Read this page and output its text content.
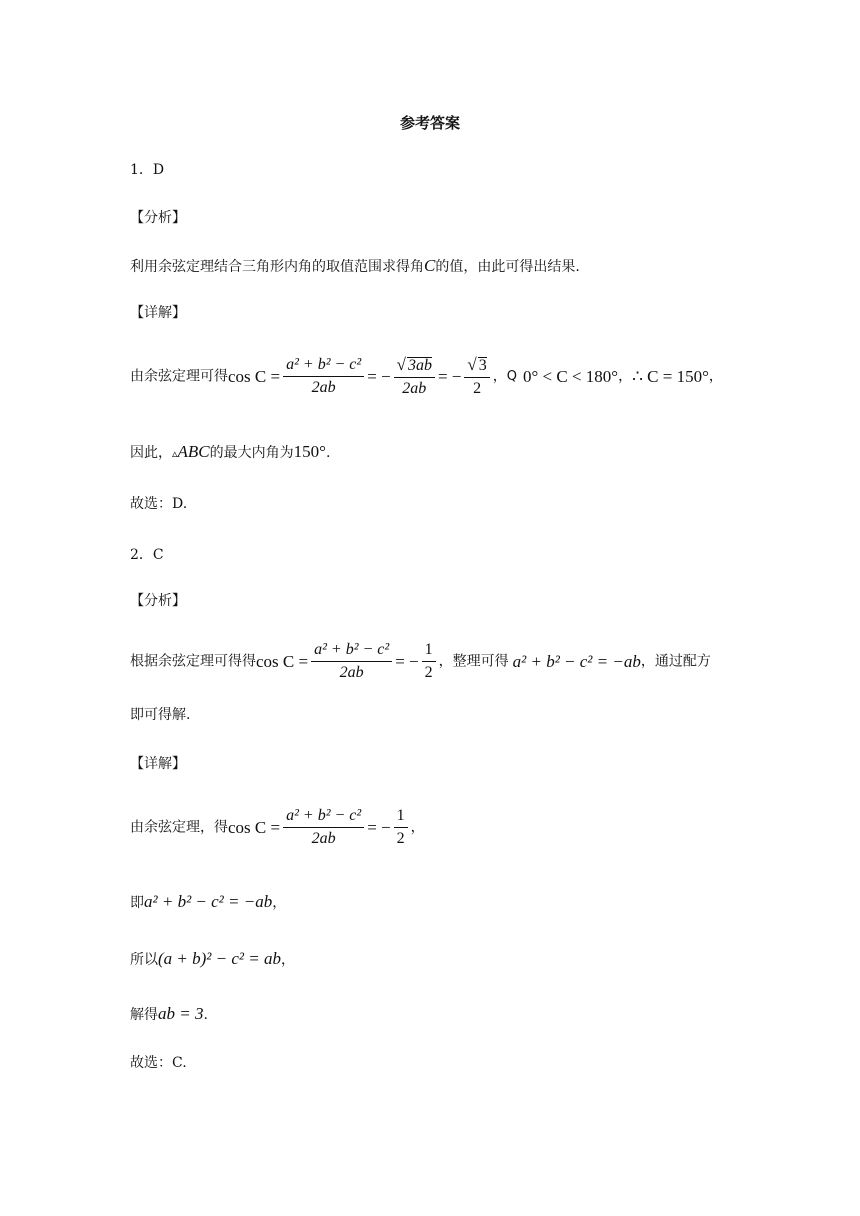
参考答案
1．D
【分析】
利用余弦定理结合三角形内角的取值范围求得角C的值，由此可得出结果.
【详解】
由余弦定理可得$\cos C = \frac{\text{a² + b² − c²}}{2ab}$ = − $\frac{√ 3ab}{2ab}$ = − $\frac{√ 3}{2}$ ，Q 0° < C < 180°，∴ C = 150°，
因此，▵ABC的最大内角为150°.
故选：D.
2．C
【分析】
根据余弦定理可得得$\cos C = \frac{\text{a² + b² − c²}}{2ab}$ = − $\frac{1}{2}$ ，整理可得 a² + b² − c² = −ab，通过配方
即可得解.
【详解】
由余弦定理，得$\cos C = \frac{\text{a² + b² − c²}}{2ab}$ = − $\frac{1}{2}$ ，
即a² + b² − c² = −ab，
所以(a + b)² − c² = ab，
解得ab = 3.
故选：C.
